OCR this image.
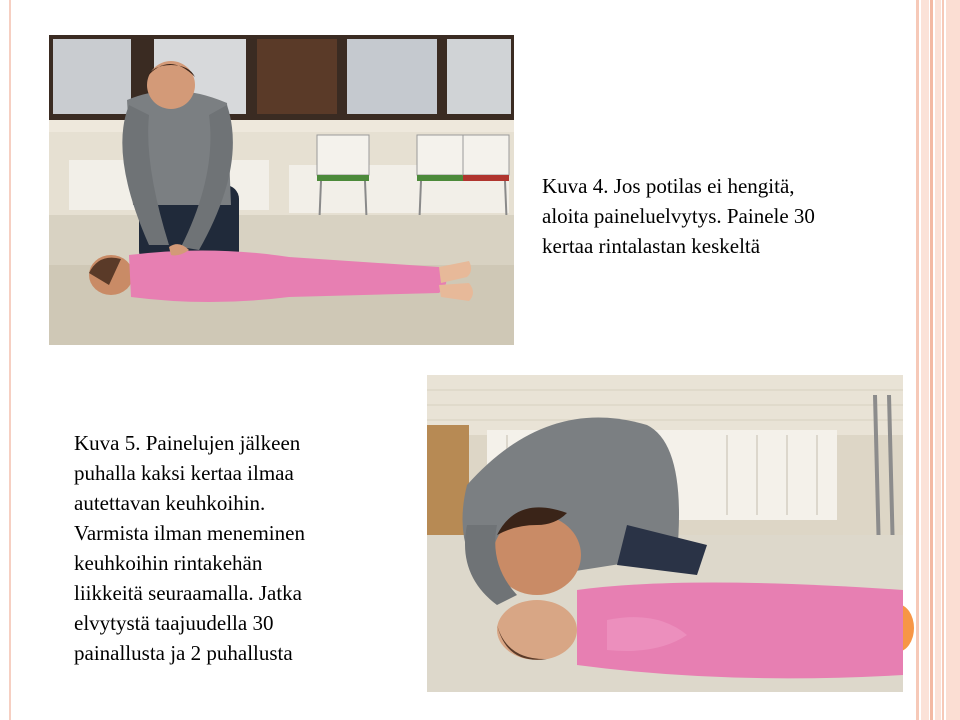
Kuva 4. Jos potilas ei hengitä,
aloita paineluelvytys. Painele 30
kertaa rintalastan keskeltä
Kuva 5. Painelujen jälkeen
puhalla kaksi kertaa ilmaa
autettavan keuhkoihin.
Varmista ilman meneminen
keuhkoihin rintakehän
liikkeitä seuraamalla. Jatka
elvytystä taajuudella 30
painallusta ja 2 puhallusta
